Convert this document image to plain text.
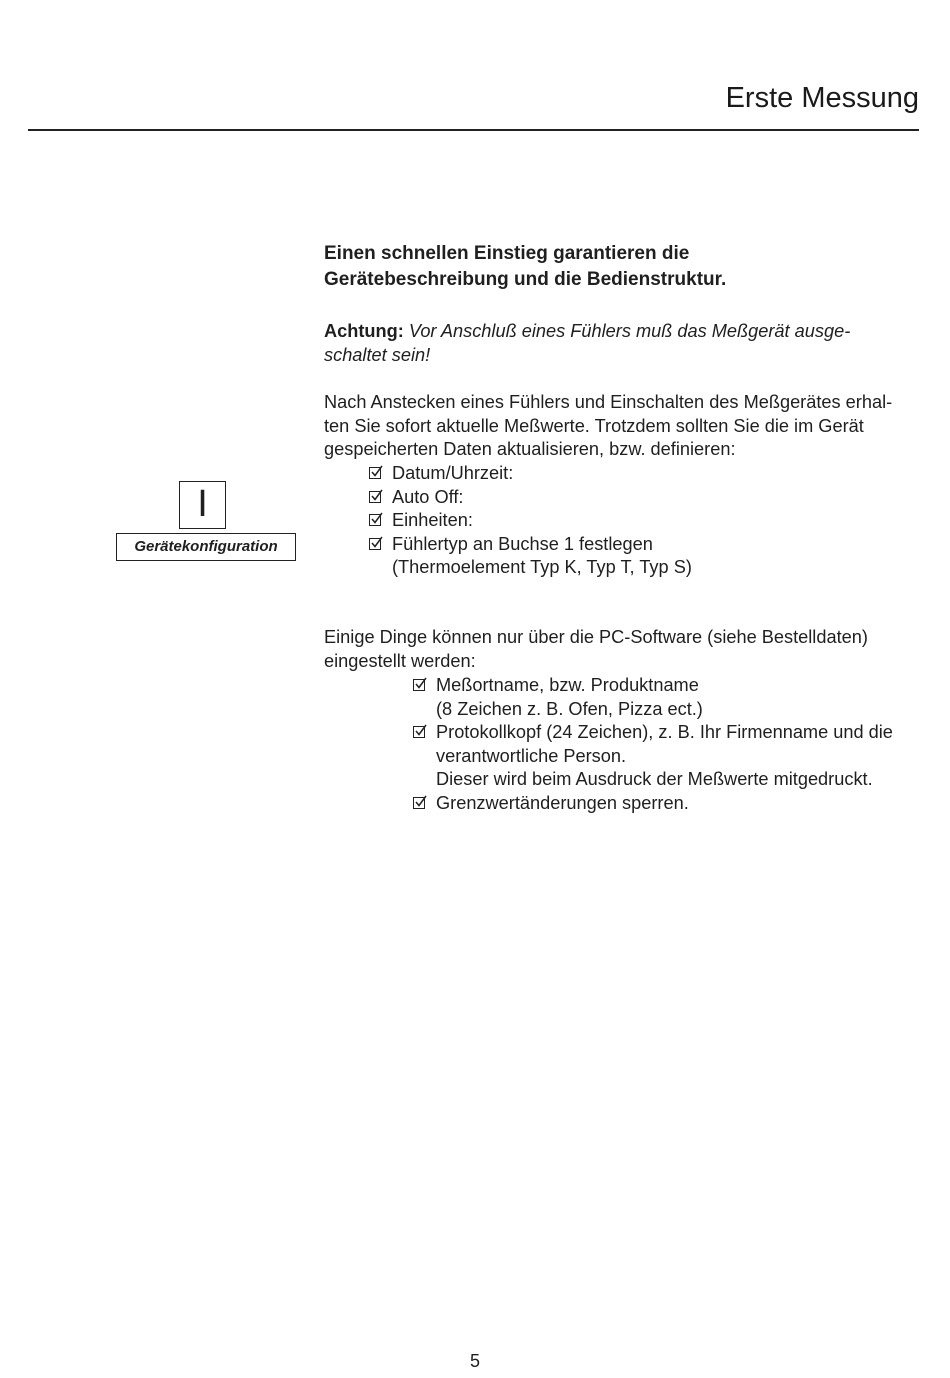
Erste Messung
I
Gerätekonfiguration

Einen schnellen Einstieg garantieren die
Gerätebeschreibung und die Bedienstruktur.

Achtung: Vor Anschluß eines Fühlers muß das Meßgerät ausge-
schaltet sein!

Nach Anstecken eines Fühlers und Einschalten des Meßgerätes erhal-
ten Sie sofort aktuelle Meßwerte. Trotzdem sollten Sie die im Gerät
gespeicherten Daten aktualisieren, bzw. definieren:

Datum/Uhrzeit:
Auto Off:
Einheiten:
Fühlertyp an Buchse 1 festlegen
(Thermoelement Typ K, Typ T, Typ S)

Einige Dinge können nur über die PC-Software (siehe Bestelldaten)
eingestellt werden:

Meßortname, bzw. Produktname
(8 Zeichen z. B. Ofen, Pizza ect.)
Protokollkopf (24 Zeichen), z. B. Ihr Firmenname und die
verantwortliche Person.
Dieser wird beim Ausdruck der Meßwerte mitgedruckt.
Grenzwertänderungen sperren.
5
